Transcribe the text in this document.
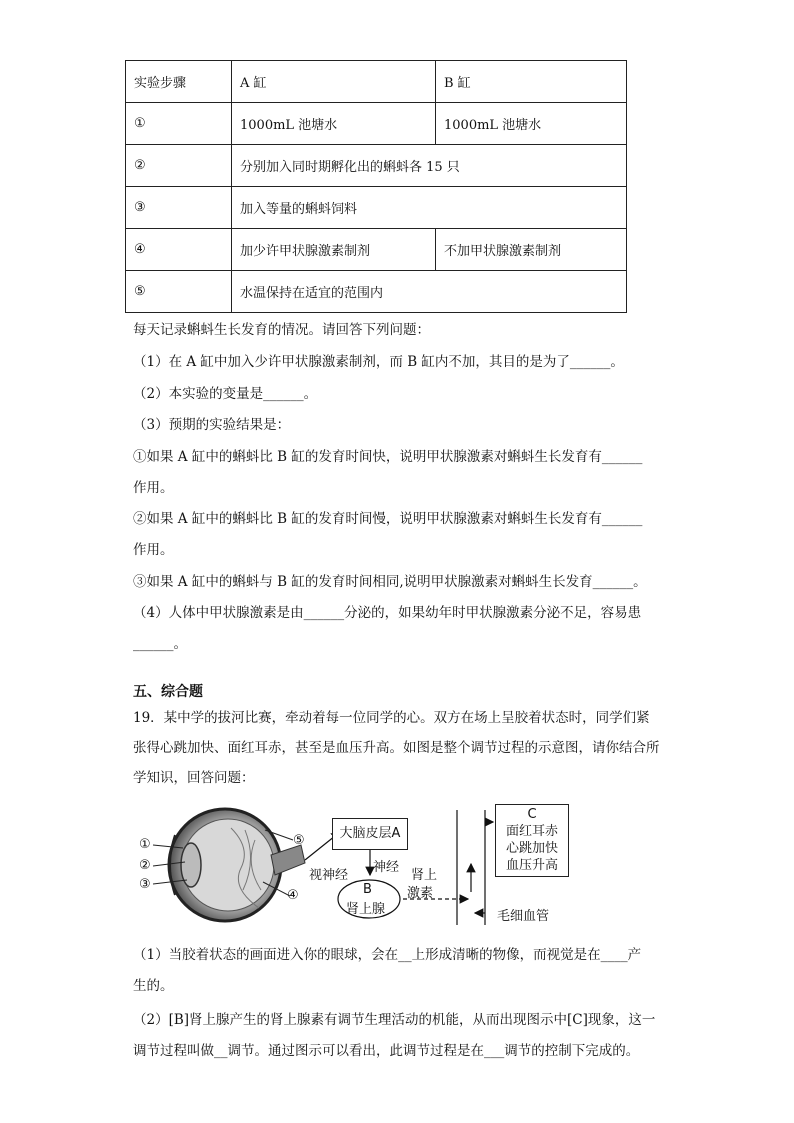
实验步骤	A 缸	B 缸
①	1000mL 池塘水	1000mL 池塘水
②	分别加入同时期孵化出的蝌蚪各 15 只	
③	加入等量的蝌蚪饲料	
④	加少许甲状腺激素制剂	不加甲状腺激素制剂
⑤	水温保持在适宜的范围内	
每天记录蝌蚪生长发育的情况。请回答下列问题：
（1）在 A 缸中加入少许甲状腺激素制剂，而 B 缸内不加，其目的是为了______。
（2）本实验的变量是______。
（3）预期的实验结果是：
①如果 A 缸中的蝌蚪比 B 缸的发育时间快，说明甲状腺激素对蝌蚪生长发育有______
作用。
②如果 A 缸中的蝌蚪比 B 缸的发育时间慢，说明甲状腺激素对蝌蚪生长发育有______
作用。
③如果 A 缸中的蝌蚪与 B 缸的发育时间相同,说明甲状腺激素对蝌蚪生长发育______。
（4）人体中甲状腺激素是由______分泌的，如果幼年时甲状腺激素分泌不足，容易患
______。
五、综合题
19．某中学的拔河比赛，牵动着每一位同学的心。双方在场上呈胶着状态时，同学们紧张得心跳加快、面红耳赤，甚至是血压升高。如图是整个调节过程的示意图，请你结合所学知识，回答问题：
①
②
③
④
⑤	大脑皮层A
视神经
神经
B
肾上腺
肾上
激素
毛细血管
C
面红耳赤
心跳加快
血压升高
（1）当胶着状态的画面进入你的眼球，会在__上形成清晰的物像，而视觉是在____产
生的。
（2）[B]肾上腺产生的肾上腺素有调节生理活动的机能，从而出现图示中[C]现象，这一
调节过程叫做__调节。通过图示可以看出，此调节过程是在___调节的控制下完成的。
